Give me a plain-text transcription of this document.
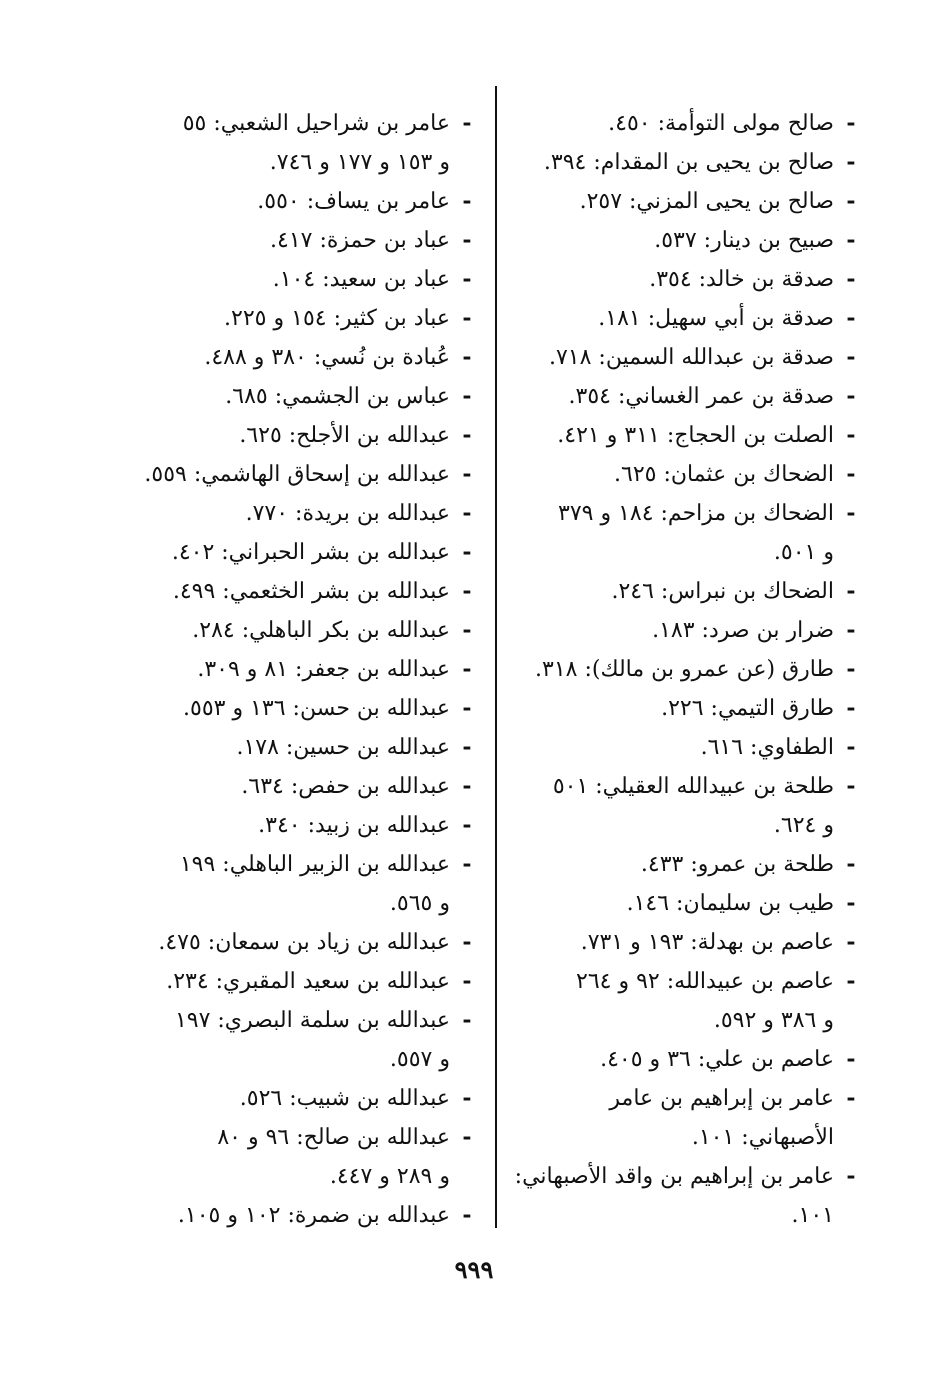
-
صالح مولى التوأمة: ٤٥٠.
-
صالح بن يحيى بن المقدام: ٣٩٤.
-
صالح بن يحيى المزني: ٢٥٧.
-
صبيح بن دينار: ٥٣٧.
-
صدقة بن خالد: ٣٥٤.
-
صدقة بن أبي سهيل: ١٨١.
-
صدقة بن عبدالله السمين: ٧١٨.
-
صدقة بن عمر الغساني: ٣٥٤.
-
الصلت بن الحجاج: ٣١١ و ٤٢١.
-
الضحاك بن عثمان: ٦٢٥.
-
الضحاك بن مزاحم: ١٨٤ و ٣٧٩
و ٥٠١.
-
الضحاك بن نبراس: ٢٤٦.
-
ضرار بن صرد: ١٨٣.
-
طارق (عن عمرو بن مالك): ٣١٨.
-
طارق التيمي: ٢٢٦.
-
الطفاوي: ٦١٦.
-
طلحة بن عبيدالله العقيلي: ٥٠١
و ٦٢٤.
-
طلحة بن عمرو: ٤٣٣.
-
طيب بن سليمان: ١٤٦.
-
عاصم بن بهدلة: ١٩٣ و ٧٣١.
-
عاصم بن عبيدالله: ٩٢ و ٢٦٤
و ٣٨٦ و ٥٩٢.
-
عاصم بن علي: ٣٦ و ٤٠٥.
-
عامر بن إبراهيم بن عامر
الأصبهاني: ١٠١.
-
عامر بن إبراهيم بن واقد الأصبهاني:
١٠١.
-
عامر بن شراحيل الشعبي: ٥٥
و ١٥٣ و ١٧٧ و ٧٤٦.
-
عامر بن يساف: ٥٥٠.
-
عباد بن حمزة: ٤١٧.
-
عباد بن سعيد: ١٠٤.
-
عباد بن كثير: ١٥٤ و ٢٢٥.
-
عُبادة بن نُسي: ٣٨٠ و ٤٨٨.
-
عباس بن الجشمي: ٦٨٥.
-
عبدالله بن الأجلح: ٦٢٥.
-
عبدالله بن إسحاق الهاشمي: ٥٥٩.
-
عبدالله بن بريدة: ٧٧٠.
-
عبدالله بن بشر الحبراني: ٤٠٢.
-
عبدالله بن بشر الخثعمي: ٤٩٩.
-
عبدالله بن بكر الباهلي: ٢٨٤.
-
عبدالله بن جعفر: ٨١ و ٣٠٩.
-
عبدالله بن حسن: ١٣٦ و ٥٥٣.
-
عبدالله بن حسين: ١٧٨.
-
عبدالله بن حفص: ٦٣٤.
-
عبدالله بن زبيد: ٣٤٠.
-
عبدالله بن الزبير الباهلي: ١٩٩
و ٥٦٥.
-
عبدالله بن زياد بن سمعان: ٤٧٥.
-
عبدالله بن سعيد المقبري: ٢٣٤.
-
عبدالله بن سلمة البصري: ١٩٧
و ٥٥٧.
-
عبدالله بن شبيب: ٥٢٦.
-
عبدالله بن صالح: ٩٦ و ٨٠
و ٢٨٩ و ٤٤٧.
-
عبدالله بن ضمرة: ١٠٢ و ١٠٥.
٩٩٩
